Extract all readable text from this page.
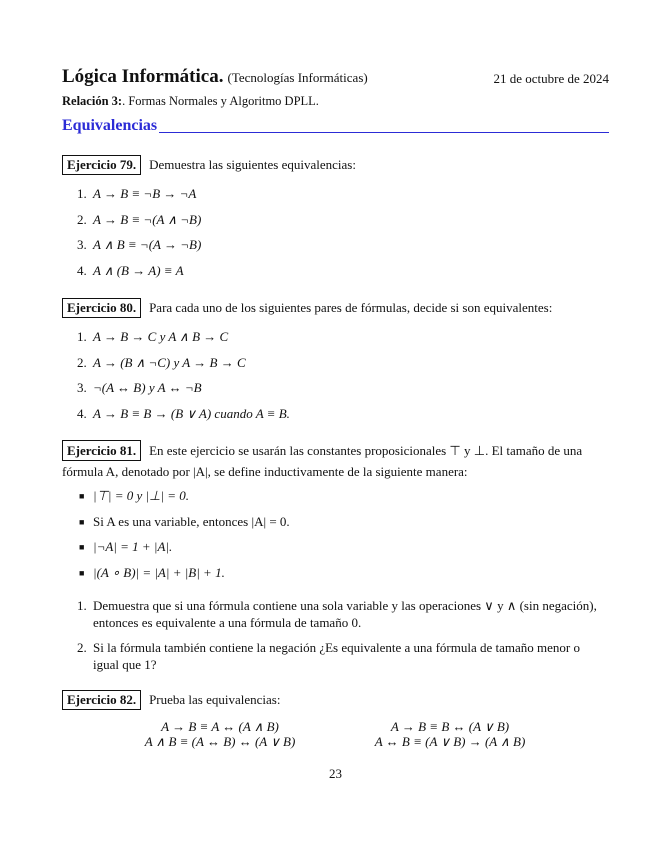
Lógica Informática. (Tecnologías Informáticas)	21 de octubre de 2024
Relación 3:. Formas Normales y Algoritmo DPLL.
Equivalencias
Ejercicio 79. Demuestra las siguientes equivalencias:
1. A → B ≡ ¬B → ¬A
2. A → B ≡ ¬(A ∧ ¬B)
3. A ∧ B ≡ ¬(A → ¬B)
4. A ∧ (B → A) ≡ A
Ejercicio 80. Para cada uno de los siguientes pares de fórmulas, decide si son equivalentes:
1. A → B → C y A ∧ B → C
2. A → (B ∧ ¬C) y A → B → C
3. ¬(A ↔ B) y A ↔ ¬B
4. A → B ≡ B → (B ∨ A) cuando A ≡ B.
Ejercicio 81. En este ejercicio se usarán las constantes proposicionales ⊤ y ⊥. El tamaño de una
fórmula A, denotado por |A|, se define inductivamente de la siguiente manera:
■ |⊤| = 0 y |⊥| = 0.
■ Si A es una variable, entonces |A| = 0.
■ |¬A| = 1 + |A|.
■ |(A ∘ B)| = |A| + |B| + 1.
1. Demuestra que si una fórmula contiene una sola variable y las operaciones ∨ y ∧ (sin negación),
entonces es equivalente a una fórmula de tamaño 0.
2. Si la fórmula también contiene la negación ¿Es equivalente a una fórmula de tamaño menor o
igual que 1?
Ejercicio 82. Prueba las equivalencias:
A → B ≡ A ↔ (A ∧ B)
A ∧ B ≡ (A ↔ B) ↔ (A ∨ B)
A → B ≡ B ↔ (A ∨ B)
A ↔ B ≡ (A ∨ B) → (A ∧ B)
23
